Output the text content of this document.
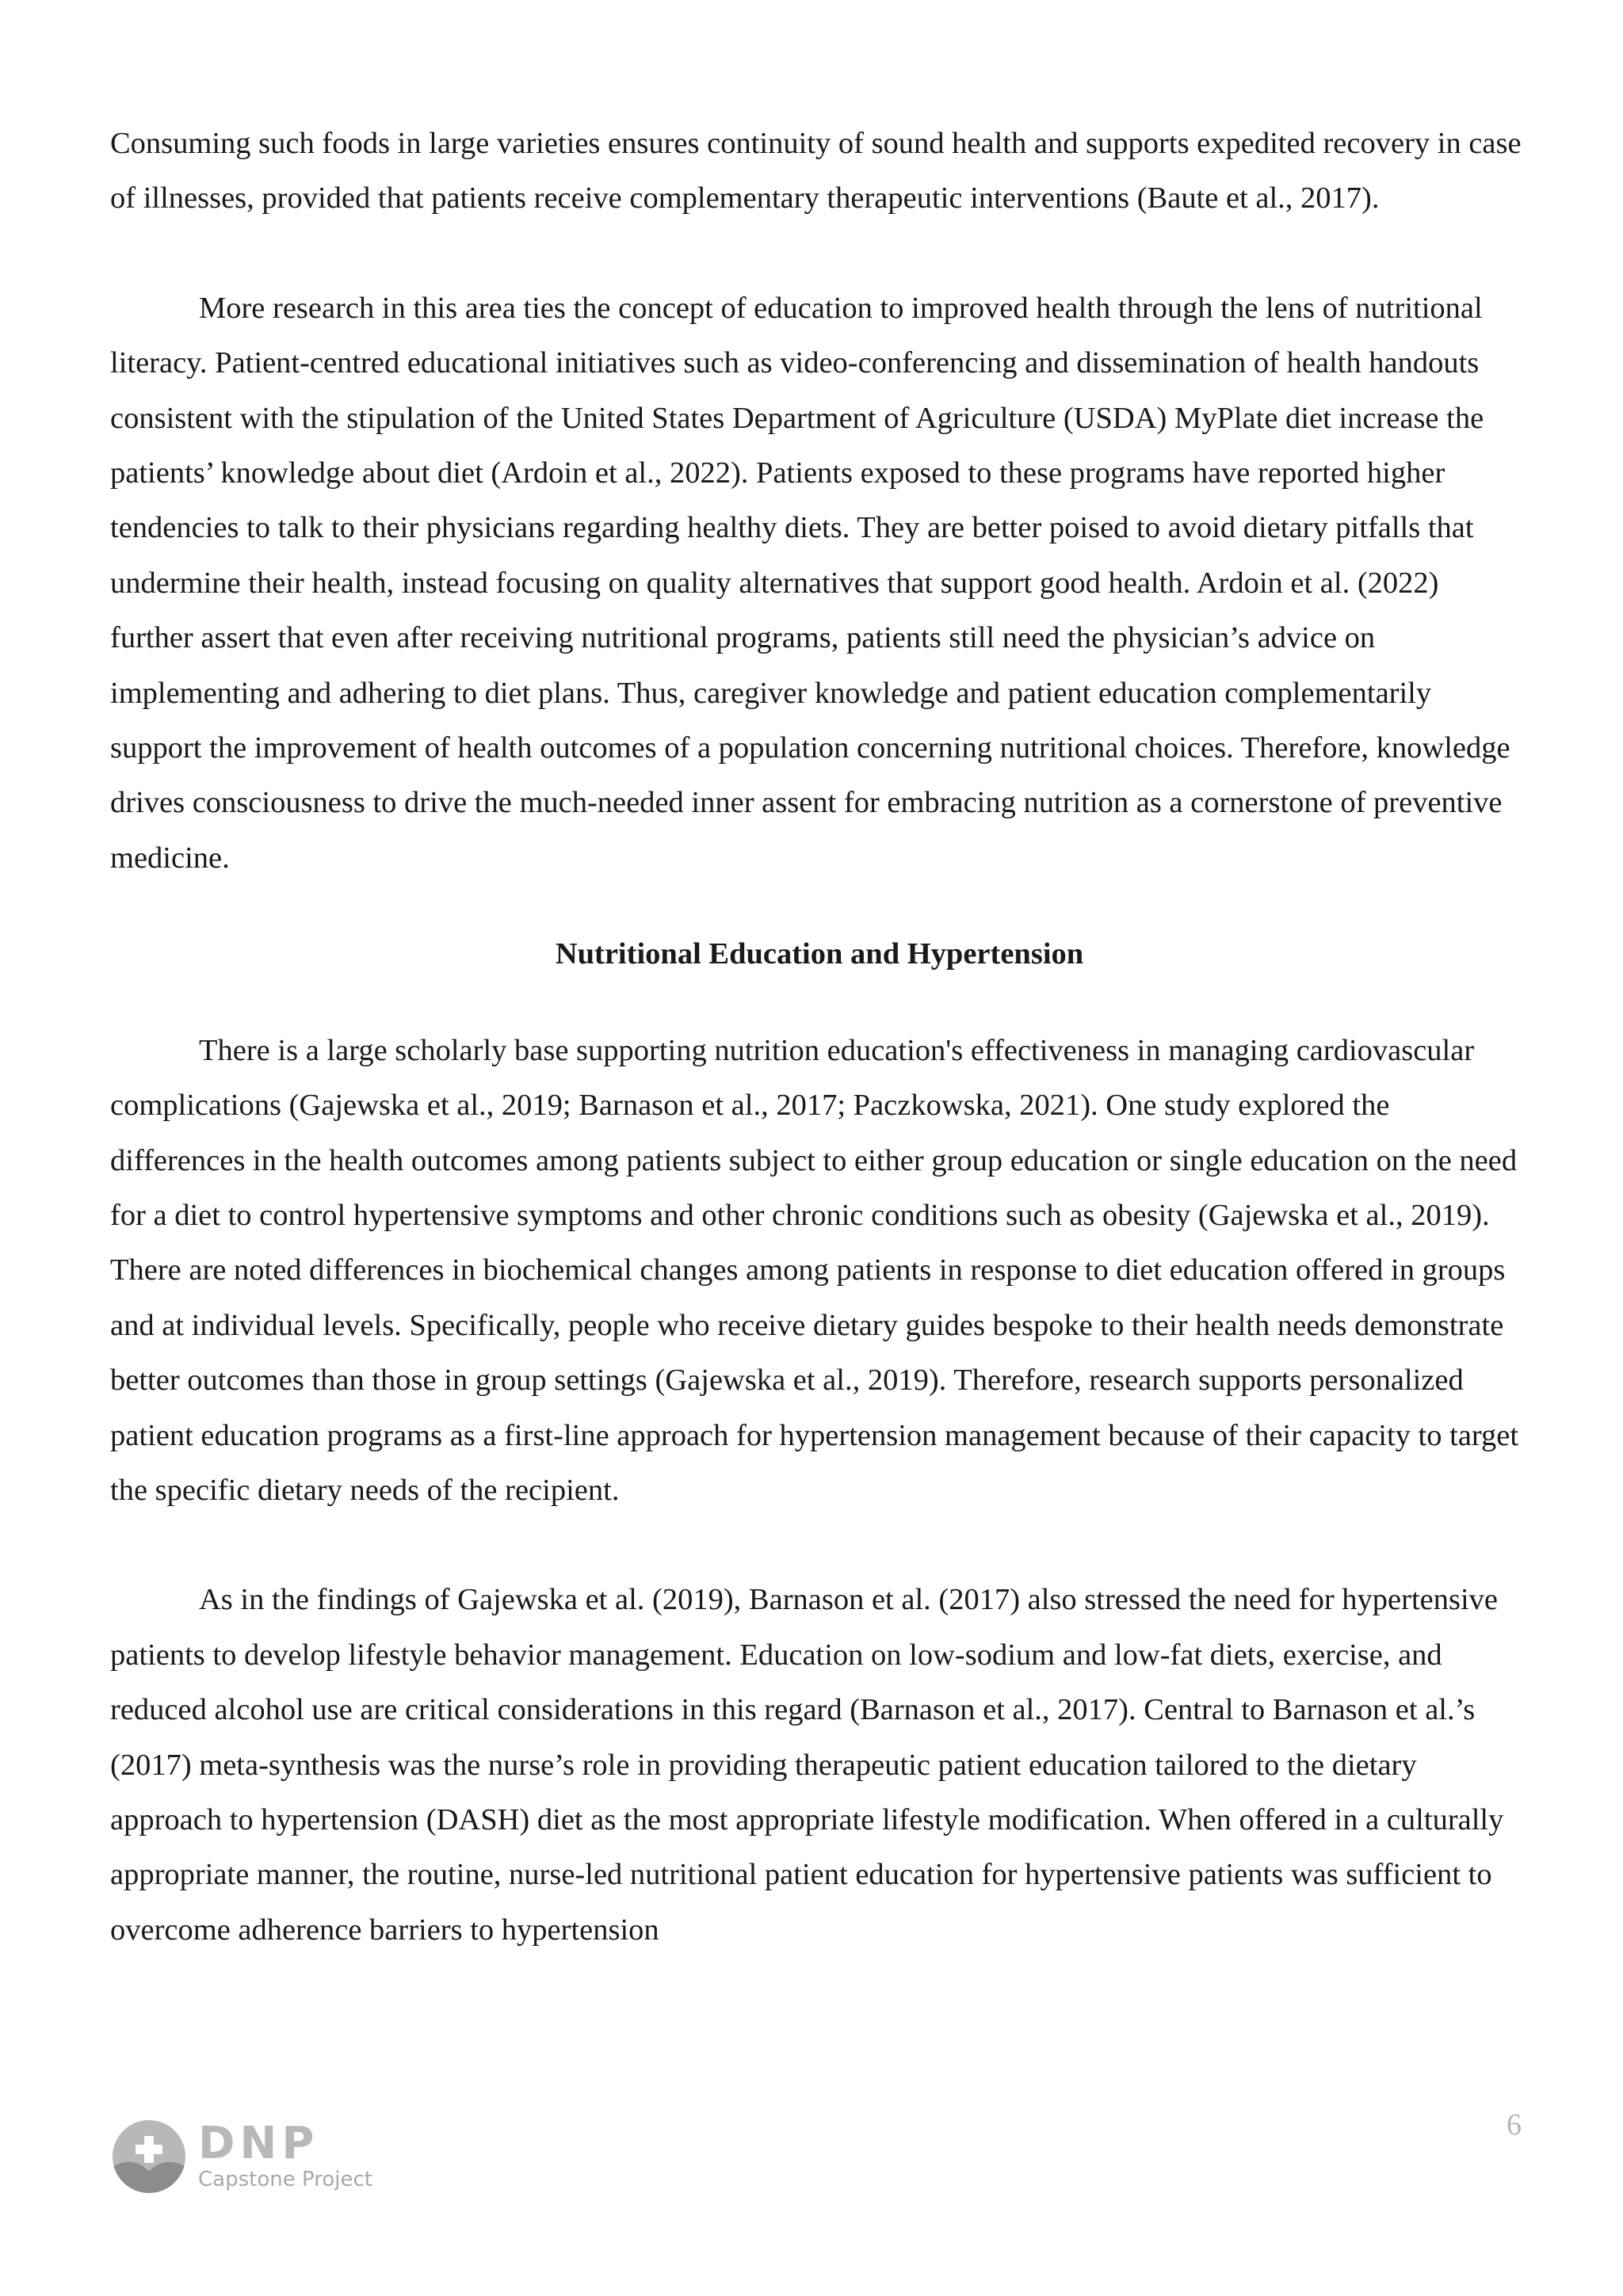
Consuming such foods in large varieties ensures continuity of sound health and supports expedited recovery in case of illnesses, provided that patients receive complementary therapeutic interventions (Baute et al., 2017).

More research in this area ties the concept of education to improved health through the lens of nutritional literacy. Patient-centred educational initiatives such as video-conferencing and dissemination of health handouts consistent with the stipulation of the United States Department of Agriculture (USDA) MyPlate diet increase the patients’ knowledge about diet (Ardoin et al., 2022). Patients exposed to these programs have reported higher tendencies to talk to their physicians regarding healthy diets. They are better poised to avoid dietary pitfalls that undermine their health, instead focusing on quality alternatives that support good health. Ardoin et al. (2022) further assert that even after receiving nutritional programs, patients still need the physician’s advice on implementing and adhering to diet plans. Thus, caregiver knowledge and patient education complementarily support the improvement of health outcomes of a population concerning nutritional choices. Therefore, knowledge drives consciousness to drive the much-needed inner assent for embracing nutrition as a cornerstone of preventive medicine.

Nutritional Education and Hypertension

There is a large scholarly base supporting nutrition education's effectiveness in managing cardiovascular complications (Gajewska et al., 2019; Barnason et al., 2017; Paczkowska, 2021). One study explored the differences in the health outcomes among patients subject to either group education or single education on the need for a diet to control hypertensive symptoms and other chronic conditions such as obesity (Gajewska et al., 2019). There are noted differences in biochemical changes among patients in response to diet education offered in groups and at individual levels. Specifically, people who receive dietary guides bespoke to their health needs demonstrate better outcomes than those in group settings (Gajewska et al., 2019). Therefore, research supports personalized patient education programs as a first-line approach for hypertension management because of their capacity to target the specific dietary needs of the recipient.

As in the findings of Gajewska et al. (2019), Barnason et al. (2017) also stressed the need for hypertensive patients to develop lifestyle behavior management. Education on low-sodium and low-fat diets, exercise, and reduced alcohol use are critical considerations in this regard (Barnason et al., 2017). Central to Barnason et al.’s (2017) meta-synthesis was the nurse’s role in providing therapeutic patient education tailored to the dietary approach to hypertension (DASH) diet as the most appropriate lifestyle modification. When offered in a culturally appropriate manner, the routine, nurse-led nutritional patient education for hypertensive patients was sufficient to overcome adherence barriers to hypertension

DNP
Capstone Project
6
